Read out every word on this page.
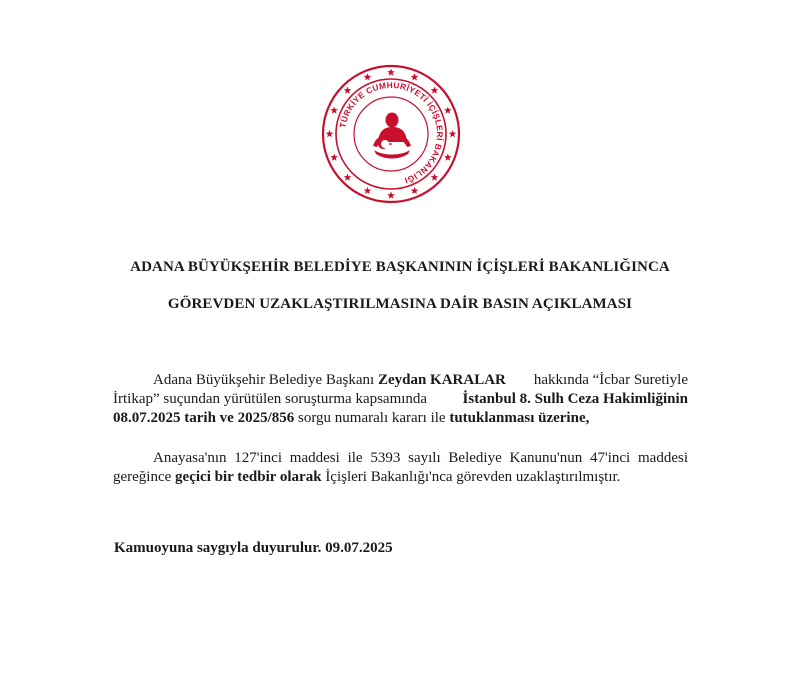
TÜRKİYE CUMHURİYETİ İÇİŞLERİ BAKANLIĞI
ADANA BÜYÜKŞEHİR BELEDİYE BAŞKANININ İÇİŞLERİ BAKANLIĞINCA
GÖREVDEN UZAKLAŞTIRILMASINA DAİR BASIN AÇIKLAMASI
Adana Büyükşehir Belediye Başkanı Zeydan KARALAR hakkında “İcbar Suretiyle
İrtikap” suçundan yürütülen soruşturma kapsamında İstanbul 8. Sulh Ceza Hakimliğinin
08.07.2025 tarih ve 2025/856 sorgu numaralı kararı ile tutuklanması üzerine,
Anayasa'nın 127'inci maddesi ile 5393 sayılı Belediye Kanunu'nun 47'inci maddesi
gereğince geçici bir tedbir olarak İçişleri Bakanlığı'nca görevden uzaklaştırılmıştır.
Kamuoyuna saygıyla duyurulur. 09.07.2025
